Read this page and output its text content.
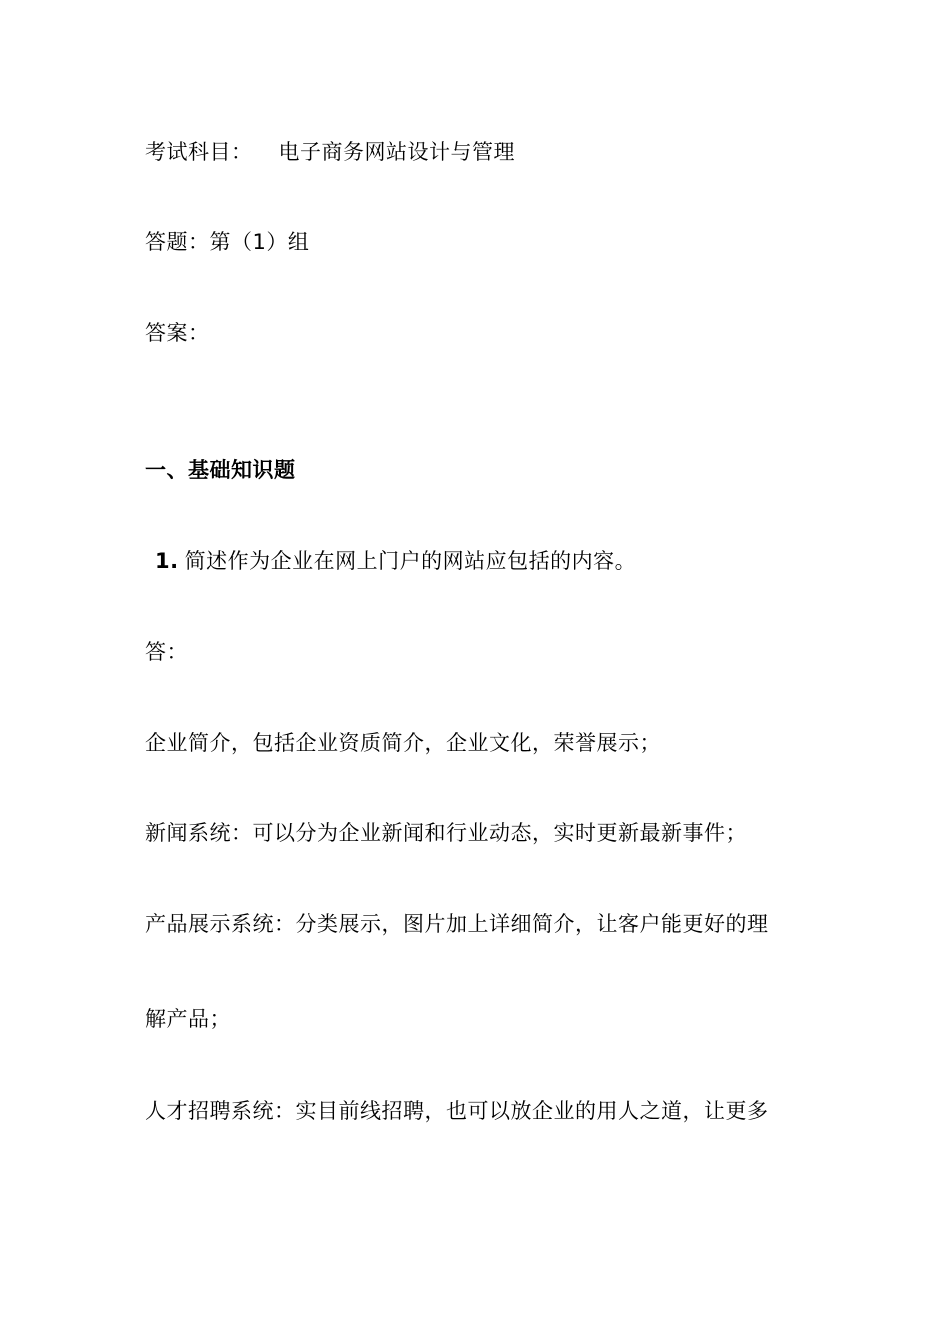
考试科目： 电子商务网站设计与管理
答题：第（1）组
答案：
一、基础知识题
1. 简述作为企业在网上门户的网站应包括的内容。
答：
企业简介，包括企业资质简介，企业文化，荣誉展示；
新闻系统：可以分为企业新闻和行业动态，实时更新最新事件；
产品展示系统：分类展示，图片加上详细简介，让客户能更好的理
解产品；
人才招聘系统：实目前线招聘，也可以放企业的用人之道，让更多
